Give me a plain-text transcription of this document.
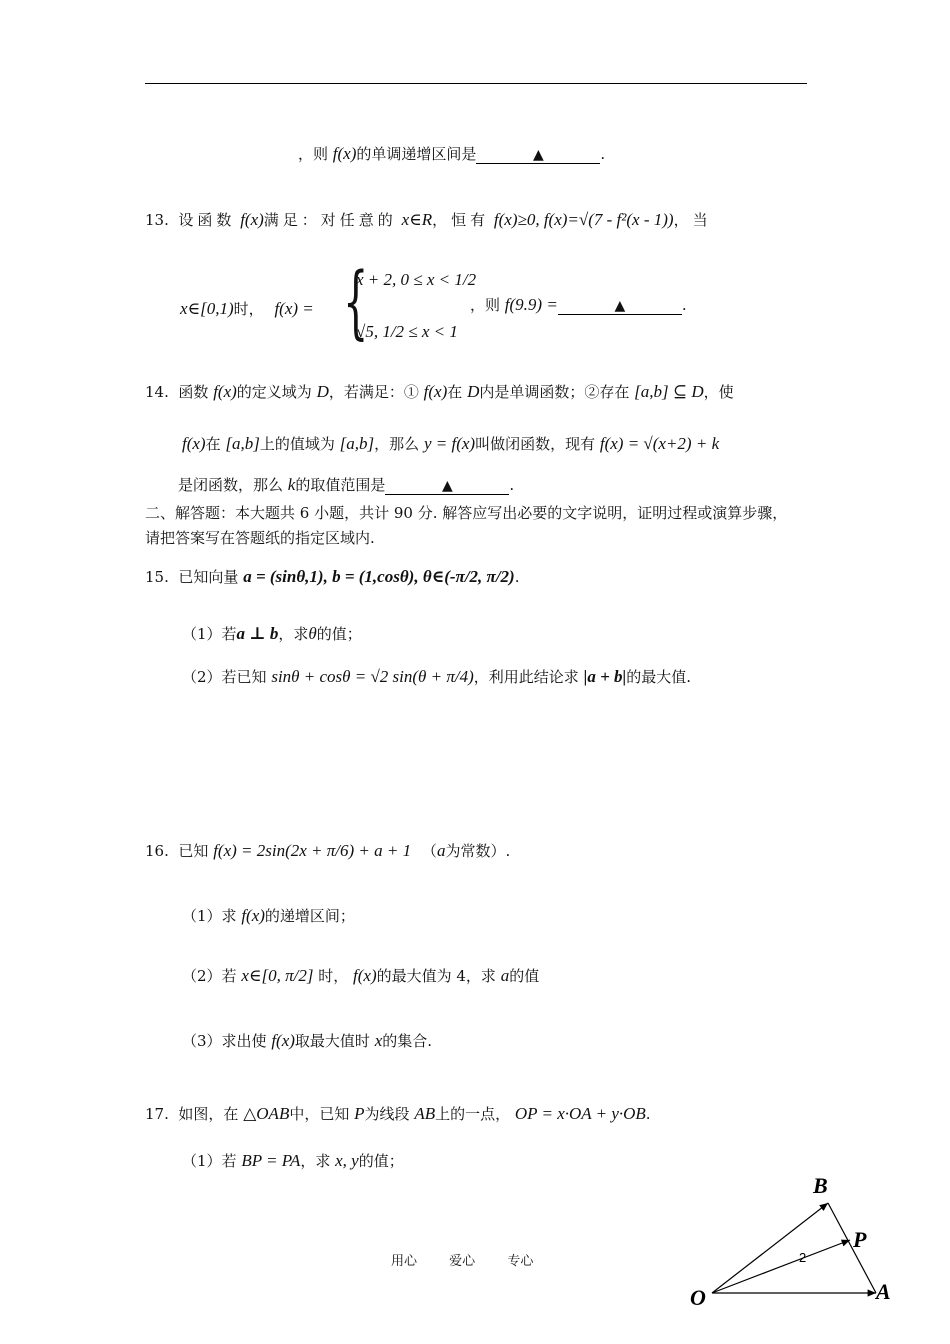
，则 f(x)的单调递增区间是	▲	.
13. 设函数 f(x)满足：对任意的 x∈R，恒有 f(x)≥0, f(x)=√(7 - f²(x - 1))，当
x∈[0,1)时， f(x) = {
x + 2, 0 ≤ x < 1/2
√5, 1/2 ≤ x < 1
，则 f(9.9) =	▲	.
14. 函数 f(x)的定义域为 D，若满足：① f(x)在 D内是单调函数；②存在 [a,b] ⊆ D，使
f(x)在 [a,b]上的值域为 [a,b]，那么 y = f(x)叫做闭函数，现有 f(x) = √(x+2) + k
是闭函数，那么 k的取值范围是	▲	.
二、解答题：本大题共 6 小题，共计 90 分. 解答应写出必要的文字说明，证明过程或演算步骤，
请把答案写在答题纸的指定区域内.
15. 已知向量 a = (sinθ,1), b = (1,cosθ), θ∈(-π/2, π/2).
（1）若a ⊥ b，求θ的值；
（2）若已知 sinθ + cosθ = √2 sin(θ + π/4)，利用此结论求 |a + b|的最大值.
16. 已知 f(x) = 2sin(2x + π/6) + a + 1 （a为常数）.
（1）求 f(x)的递增区间；
（2）若 x∈[0, π/2] 时， f(x)的最大值为 4，求 a的值
（3）求出使 f(x)取最大值时 x的集合.
17. 如图，在 △OAB中，已知 P为线段 AB上的一点， OP = x·OA + y·OB.
（1）若 BP = PA，求 x, y的值；
B
P
O	A
2
用心 爱心 专心
